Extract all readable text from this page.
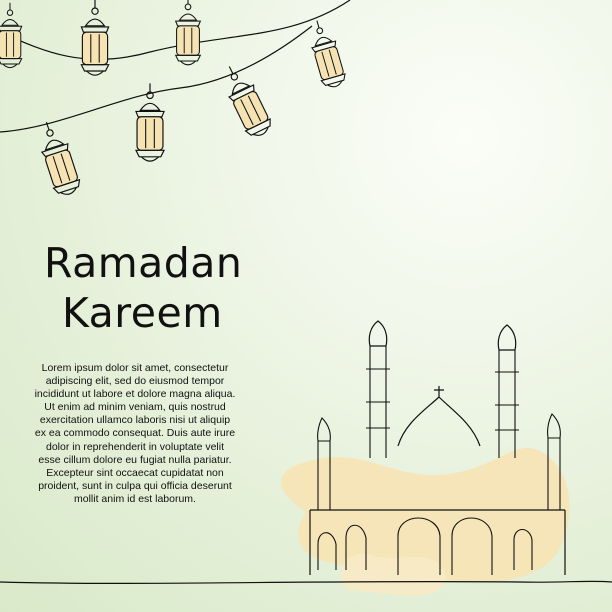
Ramadan
Kareem

Lorem ipsum dolor sit amet, consectetur adipiscing elit, sed do eiusmod tempor incididunt ut labore et dolore magna aliqua. Ut enim ad minim veniam, quis nostrud exercitation ullamco laboris nisi ut aliquip ex ea commodo consequat. Duis aute irure dolor in reprehenderit in voluptate velit esse cillum dolore eu fugiat nulla pariatur. Excepteur sint occaecat cupidatat non proident, sunt in culpa qui officia deserunt mollit anim id est laborum.
